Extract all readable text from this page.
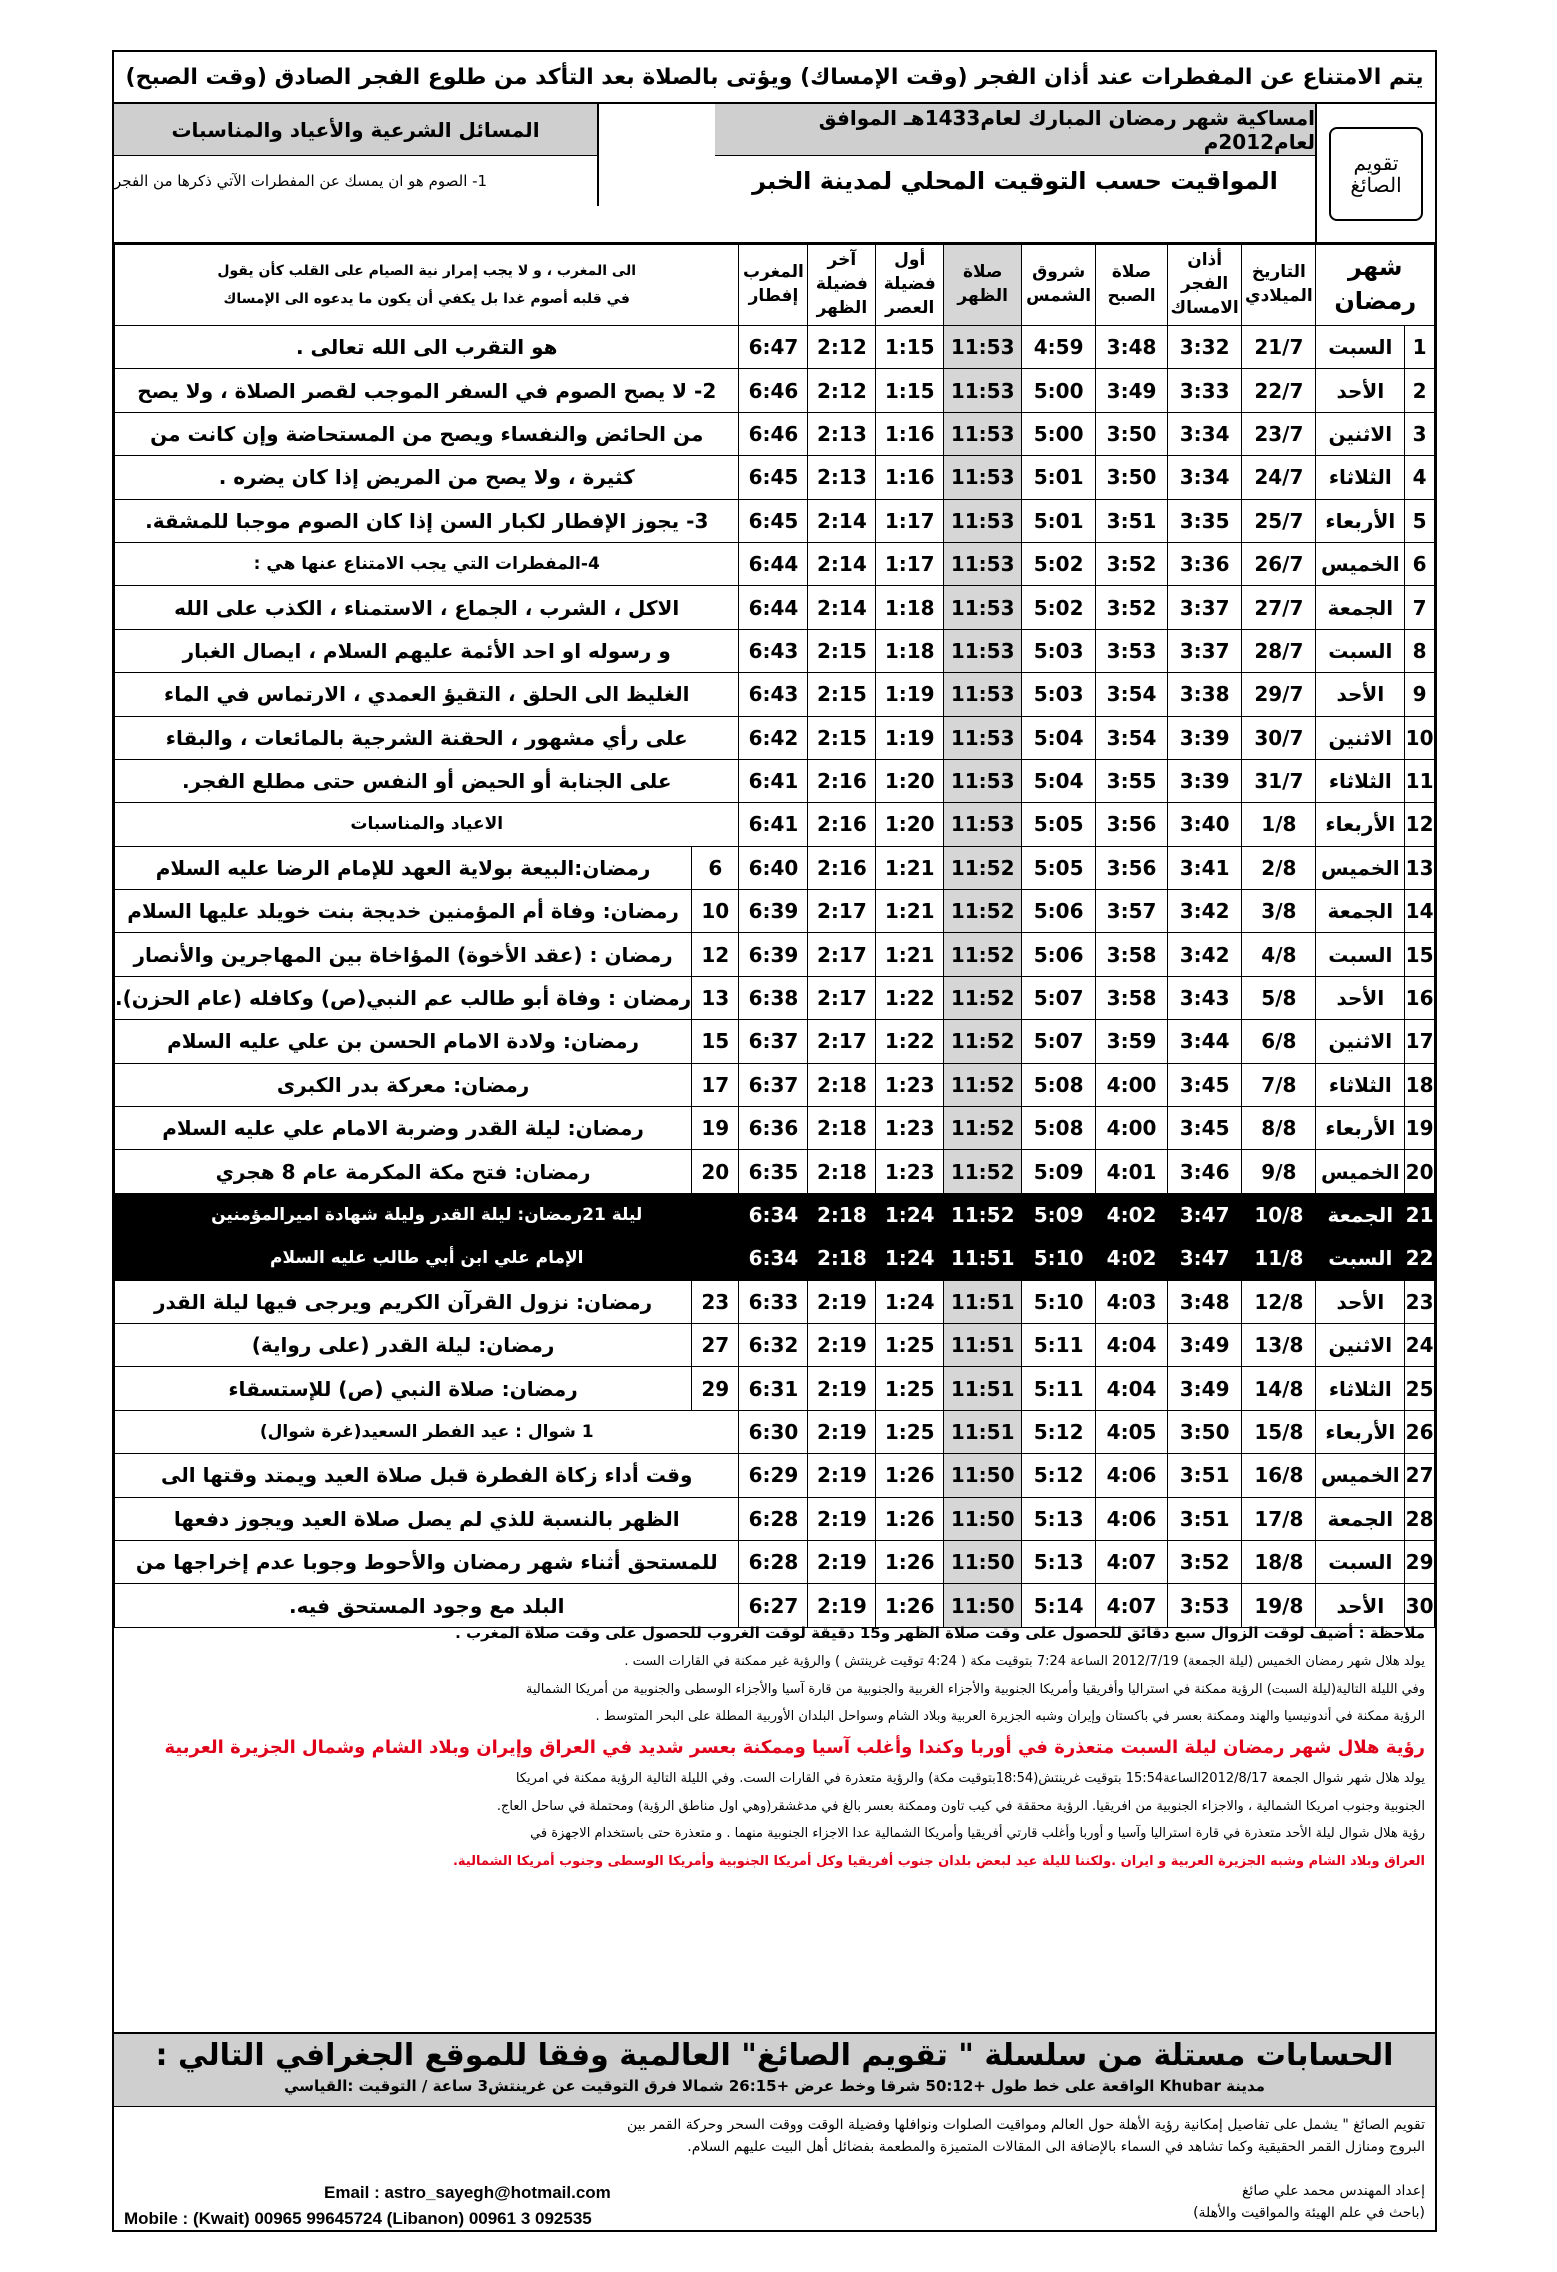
يتم الامتناع عن المفطرات عند أذان الفجر (وقت الإمساك) ويؤتى بالصلاة بعد التأكد من طلوع الفجر الصادق (وقت الصبح)
تقويم الصائغ
امساكية شهر رمضان المبارك لعام1433هـ الموافق لعام2012م
المواقيت حسب التوقيت المحلي لمدينة الخبر
المسائل الشرعية والأعياد والمناسبات
1- الصوم هو ان يمسك عن المفطرات الآتي ذكرها من الفجر
شهر رمضان		التاريخ الميلادي	أذان الفجر الامساك	صلاة الصبح	شروق الشمس	صلاة الظهر	أول فضيلة العصر	آخر فضيلة الظهر	المغرب إفطار	الى المغرب ، و لا يجب إمرار نية الصيام على القلب كأن يقول
في قلبه أصوم غدا بل يكفي أن يكون ما يدعوه الى الإمساك	

1	السبت	21/7	3:32	3:48	4:59	11:53	1:15	2:12	6:47	هو التقرب الى الله تعالى .	
2	الأحد	22/7	3:33	3:49	5:00	11:53	1:15	2:12	6:46	2- لا يصح الصوم في السفر الموجب لقصر الصلاة ، ولا يصح	
3	الاثنين	23/7	3:34	3:50	5:00	11:53	1:16	2:13	6:46	من الحائض والنفساء ويصح من المستحاضة وإن كانت من	
4	الثلاثاء	24/7	3:34	3:50	5:01	11:53	1:16	2:13	6:45	كثيرة ، ولا يصح من المريض إذا كان يضره .	
5	الأربعاء	25/7	3:35	3:51	5:01	11:53	1:17	2:14	6:45	3- يجوز الإفطار لكبار السن إذا كان الصوم موجبا للمشقة.	
6	الخميس	26/7	3:36	3:52	5:02	11:53	1:17	2:14	6:44	4-المفطرات التي يجب الامتناع عنها هي :	
7	الجمعة	27/7	3:37	3:52	5:02	11:53	1:18	2:14	6:44	الاكل ، الشرب ، الجماع ، الاستمناء ، الكذب على الله	
8	السبت	28/7	3:37	3:53	5:03	11:53	1:18	2:15	6:43	و رسوله او احد الأئمة عليهم السلام ، ايصال الغبار	
9	الأحد	29/7	3:38	3:54	5:03	11:53	1:19	2:15	6:43	الغليظ الى الحلق ، التقيؤ العمدي ، الارتماس في الماء	
10	الاثنين	30/7	3:39	3:54	5:04	11:53	1:19	2:15	6:42	على رأي مشهور ، الحقنة الشرجية بالمائعات ، والبقاء	
11	الثلاثاء	31/7	3:39	3:55	5:04	11:53	1:20	2:16	6:41	على الجنابة أو الحيض أو النفس حتى مطلع الفجر.	
12	الأربعاء	1/8	3:40	3:56	5:05	11:53	1:20	2:16	6:41	الاعياد والمناسبات	
13	الخميس	2/8	3:41	3:56	5:05	11:52	1:21	2:16	6:40	6	رمضان:البيعة بولاية العهد للإمام الرضا عليه السلام
14	الجمعة	3/8	3:42	3:57	5:06	11:52	1:21	2:17	6:39	10	رمضان: وفاة أم المؤمنين خديجة بنت خويلد عليها السلام
15	السبت	4/8	3:42	3:58	5:06	11:52	1:21	2:17	6:39	12	رمضان : (عقد الأخوة) المؤاخاة بين المهاجرين والأنصار
16	الأحد	5/8	3:43	3:58	5:07	11:52	1:22	2:17	6:38	13	رمضان : وفاة أبو طالب عم النبي(ص) وكافله (عام الحزن).
17	الاثنين	6/8	3:44	3:59	5:07	11:52	1:22	2:17	6:37	15	رمضان: ولادة الامام الحسن بن علي عليه السلام
18	الثلاثاء	7/8	3:45	4:00	5:08	11:52	1:23	2:18	6:37	17	رمضان: معركة بدر الكبرى
19	الأربعاء	8/8	3:45	4:00	5:08	11:52	1:23	2:18	6:36	19	رمضان: ليلة القدر وضربة الامام علي عليه السلام
20	الخميس	9/8	3:46	4:01	5:09	11:52	1:23	2:18	6:35	20	رمضان: فتح مكة المكرمة عام 8 هجري
21	الجمعة	10/8	3:47	4:02	5:09	11:52	1:24	2:18	6:34	ليلة 21رمضان: ليلة القدر وليلة شهادة اميرالمؤمنين	
22	السبت	11/8	3:47	4:02	5:10	11:51	1:24	2:18	6:34	الإمام علي ابن أبي طالب عليه السلام	
23	الأحد	12/8	3:48	4:03	5:10	11:51	1:24	2:19	6:33	23	رمضان: نزول القرآن الكريم ويرجى فيها ليلة القدر
24	الاثنين	13/8	3:49	4:04	5:11	11:51	1:25	2:19	6:32	27	رمضان: ليلة القدر (على رواية)
25	الثلاثاء	14/8	3:49	4:04	5:11	11:51	1:25	2:19	6:31	29	رمضان: صلاة النبي (ص) للإستسقاء
26	الأربعاء	15/8	3:50	4:05	5:12	11:51	1:25	2:19	6:30	1 شوال : عيد الفطر السعيد(غرة شوال)	
27	الخميس	16/8	3:51	4:06	5:12	11:50	1:26	2:19	6:29	وقت أداء زكاة الفطرة قبل صلاة العيد ويمتد وقتها الى	
28	الجمعة	17/8	3:51	4:06	5:13	11:50	1:26	2:19	6:28	الظهر بالنسبة للذي لم يصل صلاة العيد ويجوز دفعها	
29	السبت	18/8	3:52	4:07	5:13	11:50	1:26	2:19	6:28	للمستحق أثناء شهر رمضان والأحوط وجوبا عدم إخراجها من	
30	الأحد	19/8	3:53	4:07	5:14	11:50	1:26	2:19	6:27	البلد مع وجود المستحق فيه.	

ملاحظة : أضيف لوقت الزوال سبع دقائق للحصول على وقت صلاة الظهر و15 دقيقة لوقت الغروب للحصول على وقت صلاة المغرب .

يولد هلال شهر رمضان الخميس (ليلة الجمعة) 2012/7/19 الساعة 7:24 بتوقيت مكة ( 4:24 توقيت غرينتش ) والرؤية غير ممكنة في القارات الست .

وفي الليلة التالية(ليلة السبت) الرؤية ممكنة في استراليا وأفريقيا وأمريكا الجنوبية والأجزاء الغربية والجنوبية من قارة آسيا والأجزاء الوسطى والجنوبية من أمريكا الشمالية

الرؤية ممكنة في أندونيسيا والهند وممكنة بعسر في باكستان وإيران وشبه الجزيرة العربية وبلاد الشام وسواحل البلدان الأوربية المطلة على البحر المتوسط .

رؤية هلال شهر رمضان ليلة السبت متعذرة في أوربا وكندا وأغلب آسيا وممكنة بعسر شديد في العراق وإيران وبلاد الشام وشمال الجزيرة العربية

يولد هلال شهر شوال الجمعة 2012/8/17الساعة15:54 بتوقيت غرينتش(18:54بتوقيت مكة) والرؤية متعذرة في القارات الست. وفي الليلة التالية الرؤية ممكنة في امريكا

الجنوبية وجنوب امريكا الشمالية ، والاجزاء الجنوبية من افريقيا. الرؤية محققة في كيب تاون وممكنة بعسر بالغ في مدغشقر(وهي اول مناطق الرؤية) ومحتملة في ساحل العاج.

رؤية هلال شوال ليلة الأحد متعذرة في قارة استراليا وآسيا و أوربا وأغلب قارتي أفريقيا وأمريكا الشمالية عدا الاجزاء الجنوبية منهما . و متعذرة حتى باستخدام الاجهزة في

العراق وبلاد الشام وشبه الجزيرة العربية و ايران .ولكننا لليلة عيد لبعض بلدان جنوب أفريقيا وكل أمريكا الجنوبية وأمريكا الوسطى وجنوب أمريكا الشمالية.

الحسابات مستلة من سلسلة " تقويم الصائغ" العالمية وفقا للموقع الجغرافي التالي :
مدينة Khubar الواقعة على خط طول +50:12 شرقا وخط عرض +26:15 شمالا فرق التوقيت عن غرينتش3 ساعة / التوقيت :القياسي
تقويم الصائغ " يشمل على تفاصيل إمكانية رؤية الأهلة حول العالم ومواقيت الصلوات ونوافلها وفضيلة الوقت ووقت السحر وحركة القمر بين
البروج ومنازل القمر الحقيقية وكما تشاهد في السماء بالإضافة الى المقالات المتميزة والمطعمة بفضائل أهل البيت عليهم السلام.
إعداد المهندس محمد علي صائغ
(باحث في علم الهيئة والمواقيت والأهلة)
Email : astro_sayegh@hotmail.com
Mobile : (Kwait) 00965 99645724 (Libanon) 00961 3 092535
